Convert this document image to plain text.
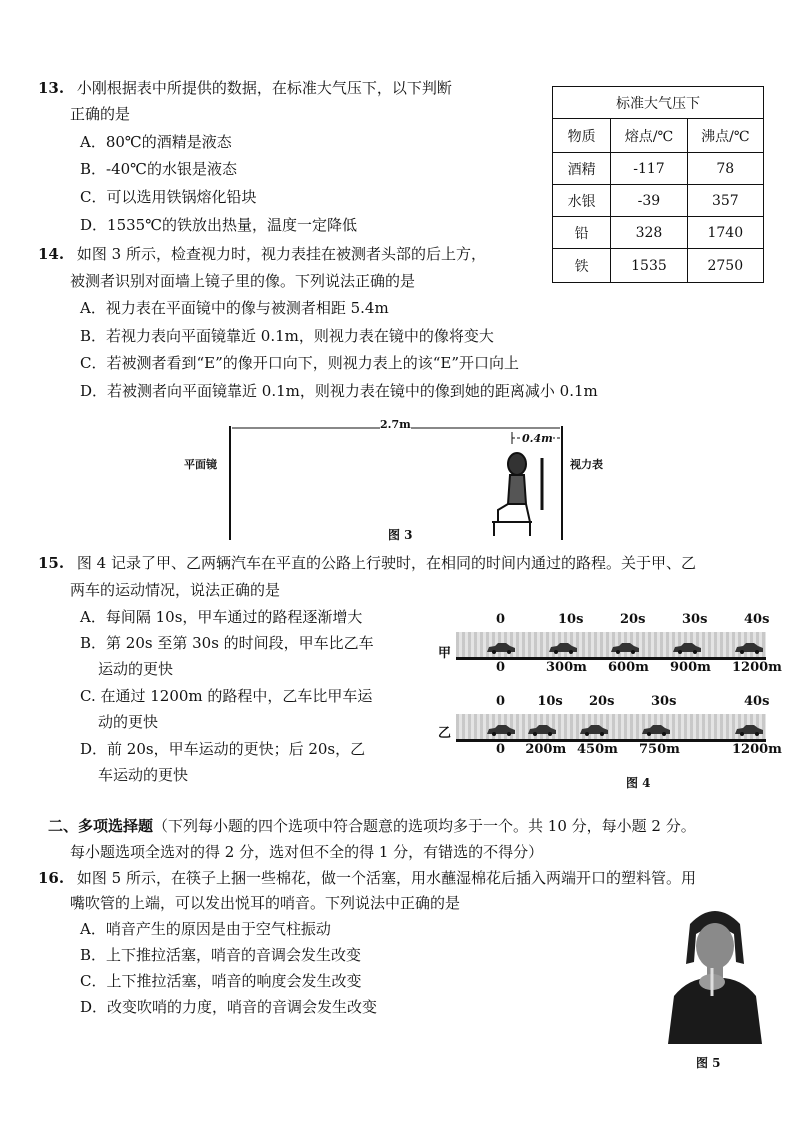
13. 小刚根据表中所提供的数据，在标准大气压下，以下判断
正确的是
A．80℃的酒精是液态
B．-40℃的水银是液态
C．可以选用铁锅熔化铅块
D．1535℃的铁放出热量，温度一定降低
标准大气压下		
物质	熔点/℃	沸点/℃
酒精	-117	78
水银	-39	357
铅	328	1740
铁	1535	2750
14. 如图 3 所示，检查视力时，视力表挂在被测者头部的后上方，
被测者识别对面墙上镜子里的像。下列说法正确的是
A．视力表在平面镜中的像与被测者相距 5.4m
B．若视力表向平面镜靠近 0.1m，则视力表在镜中的像将变大
C．若被测者看到“E”的像开口向下，则视力表上的该“E”开口向上
D．若被测者向平面镜靠近 0.1m，则视力表在镜中的像到她的距离减小 0.1m
2.7m
0.4m
平面镜	视力表
图 3
15. 图 4 记录了甲、乙两辆汽车在平直的公路上行驶时，在相同的时间内通过的路程。关于甲、乙
两车的运动情况，说法正确的是
A．每间隔 10s，甲车通过的路程逐渐增大
B．第 20s 至第 30s 的时间段，甲车比乙车
运动的更快
C. 在通过 1200m 的路程中，乙车比甲车运
动的更快
D．前 20s，甲车运动的更快；后 20s，乙
车运动的更快
甲
0	10s	20s	30s	40s
0	300m 600m 900m 1200m
乙
0 10s 20s	30s	40s
0 200m 450m 750m	1200m
图 4
二、多项选择题（下列每小题的四个选项中符合题意的选项均多于一个。共 10 分，每小题 2 分。
每小题选项全选对的得 2 分，选对但不全的得 1 分，有错选的不得分）
16. 如图 5 所示，在筷子上捆一些棉花，做一个活塞，用水蘸湿棉花后插入两端开口的塑料管。用
嘴吹管的上端，可以发出悦耳的哨音。下列说法中正确的是
A．哨音产生的原因是由于空气柱振动
B．上下推拉活塞，哨音的音调会发生改变
C．上下推拉活塞，哨音的响度会发生改变
D．改变吹哨的力度，哨音的音调会发生改变
图 5
